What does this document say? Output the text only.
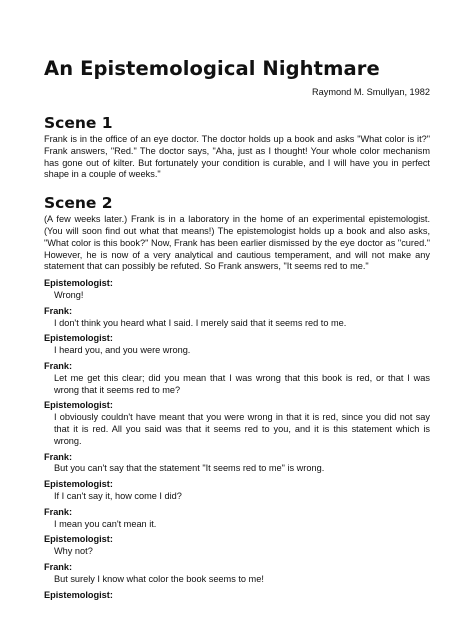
An Epistemological Nightmare
Raymond M. Smullyan, 1982
Scene 1
Frank is in the office of an eye doctor. The doctor holds up a book and asks "What color is it?" Frank answers, "Red." The doctor says, "Aha, just as I thought! Your whole color mechanism has gone out of kilter. But fortunately your condition is curable, and I will have you in perfect shape in a couple of weeks."
Scene 2
(A few weeks later.) Frank is in a laboratory in the home of an experimental epistemologist. (You will soon find out what that means!) The epistemologist holds up a book and also asks, "What color is this book?" Now, Frank has been earlier dismissed by the eye doctor as "cured." However, he is now of a very analytical and cautious temperament, and will not make any statement that can possibly be refuted. So Frank answers, "It seems red to me."
Epistemologist:
Wrong!
Frank:
I don't think you heard what I said. I merely said that it seems red to me.
Epistemologist:
I heard you, and you were wrong.
Frank:
Let me get this clear; did you mean that I was wrong that this book is red, or that I was wrong that it seems red to me?
Epistemologist:
I obviously couldn't have meant that you were wrong in that it is red, since you did not say that it is red. All you said was that it seems red to you, and it is this statement which is wrong.
Frank:
But you can't say that the statement "It seems red to me" is wrong.
Epistemologist:
If I can't say it, how come I did?
Frank:
I mean you can't mean it.
Epistemologist:
Why not?
Frank:
But surely I know what color the book seems to me!
Epistemologist:
